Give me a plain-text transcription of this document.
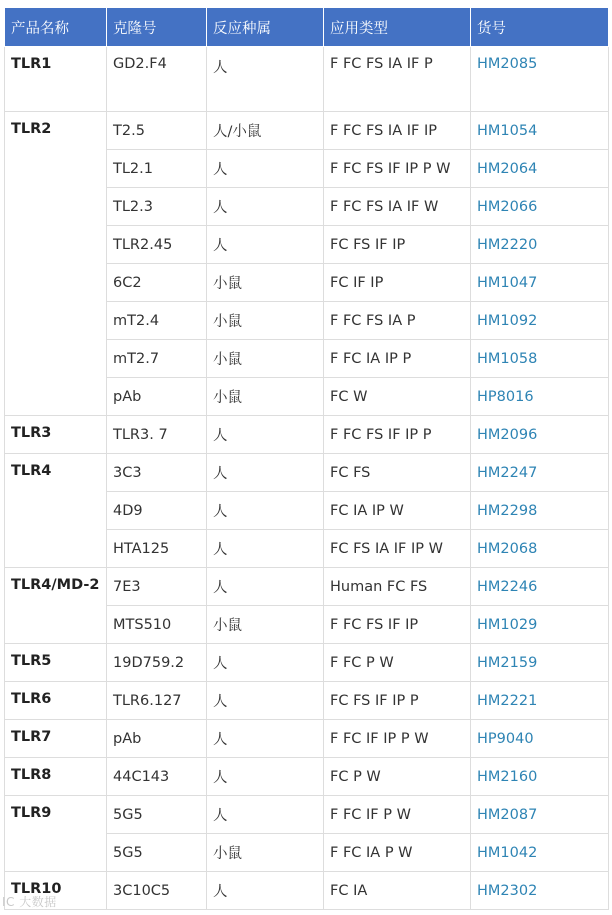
产品名称	克隆号	反应种属	应用类型	货号
TLR1	GD2.F4	人	F FC FS IA IF P	HM2085
TLR2	T2.5	人/小鼠	F FC FS IA IF IP	HM1054
	TL2.1	人	F FC FS IF IP P W	HM2064
	TL2.3	人	F FC FS IA IF W	HM2066
	TLR2.45	人	FC FS IF IP	HM2220
	6C2	小鼠	FC IF IP	HM1047
	mT2.4	小鼠	F FC FS IA P	HM1092
	mT2.7	小鼠	F FC IA IP P	HM1058
	pAb	小鼠	FC W	HP8016
TLR3	TLR3. 7	人	F FC FS IF IP P	HM2096
TLR4	3C3	人	FC FS	HM2247
	4D9	人	FC IA IP W	HM2298
	HTA125	人	FC FS IA IF IP W	HM2068
TLR4/MD-2	7E3	人	Human FC FS	HM2246
	MTS510	小鼠	F FC FS IF IP	HM1029
TLR5	19D759.2	人	F FC P W	HM2159
TLR6	TLR6.127	人	FC FS IF IP P	HM2221
TLR7	pAb	人	F FC IF IP P W	HP9040
TLR8	44C143	人	FC P W	HM2160
TLR9	5G5	人	F FC IF P W	HM2087
	5G5	小鼠	F FC IA P W	HM1042
TLR10	3C10C5	人	FC IA	HM2302
IC 大数据
